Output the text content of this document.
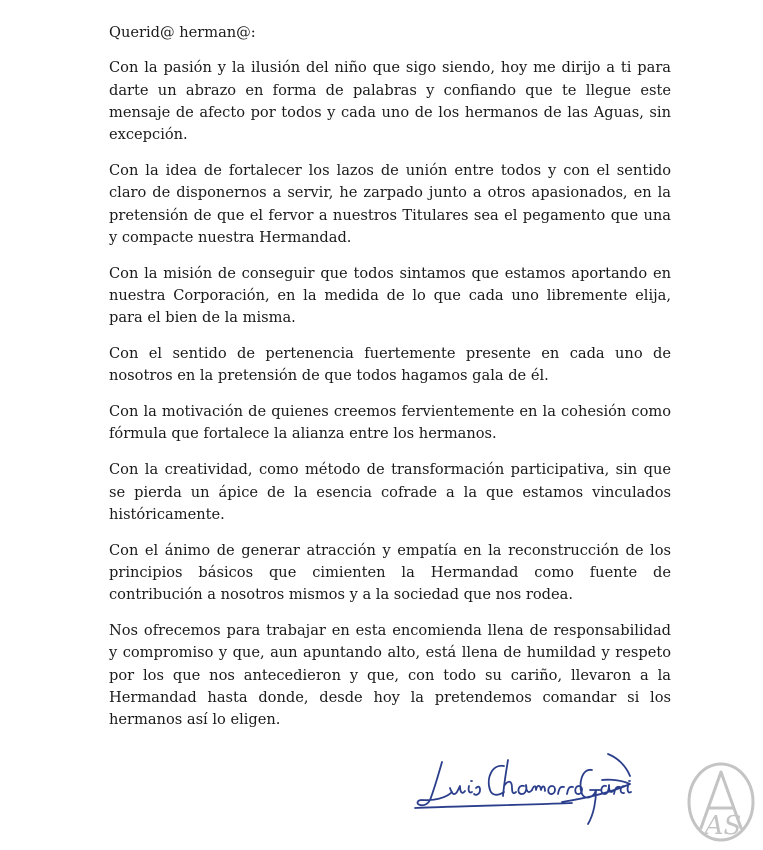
Querid@ herman@:

Con la pasión y la ilusión del niño que sigo siendo, hoy me dirijo a ti para darte un abrazo en forma de palabras y confiando que te llegue este mensaje de afecto por todos y cada uno de los hermanos de las Aguas, sin excepción.

Con la idea de fortalecer los lazos de unión entre todos y con el sentido claro de disponernos a servir, he zarpado junto a otros apasionados, en la pretensión de que el fervor a nuestros Titulares sea el pegamento que una y compacte nuestra Hermandad.

Con la misión de conseguir que todos sintamos que estamos aportando en nuestra Corporación, en la medida de lo que cada uno libremente elija, para el bien de la misma.

Con el sentido de pertenencia fuertemente presente en cada uno de nosotros en la pretensión de que todos hagamos gala de él.

Con la motivación de quienes creemos fervientemente en la cohesión como fórmula que fortalece la alianza entre los hermanos.

Con la creatividad, como método de transformación participativa, sin que se pierda un ápice de la esencia cofrade a la que estamos vinculados históricamente.

Con el ánimo de generar atracción y empatía en la reconstrucción de los principios básicos que cimienten la Hermandad como fuente de contribución a nosotros mismos y a la sociedad que nos rodea.

Nos ofrecemos para trabajar en esta encomienda llena de responsabilidad y compromiso y que, aun apuntando alto, está llena de humildad y respeto por los que nos antecedieron y que, con todo su cariño, llevaron a la Hermandad hasta donde, desde hoy la pretendemos comandar si los hermanos así lo eligen.

AS
